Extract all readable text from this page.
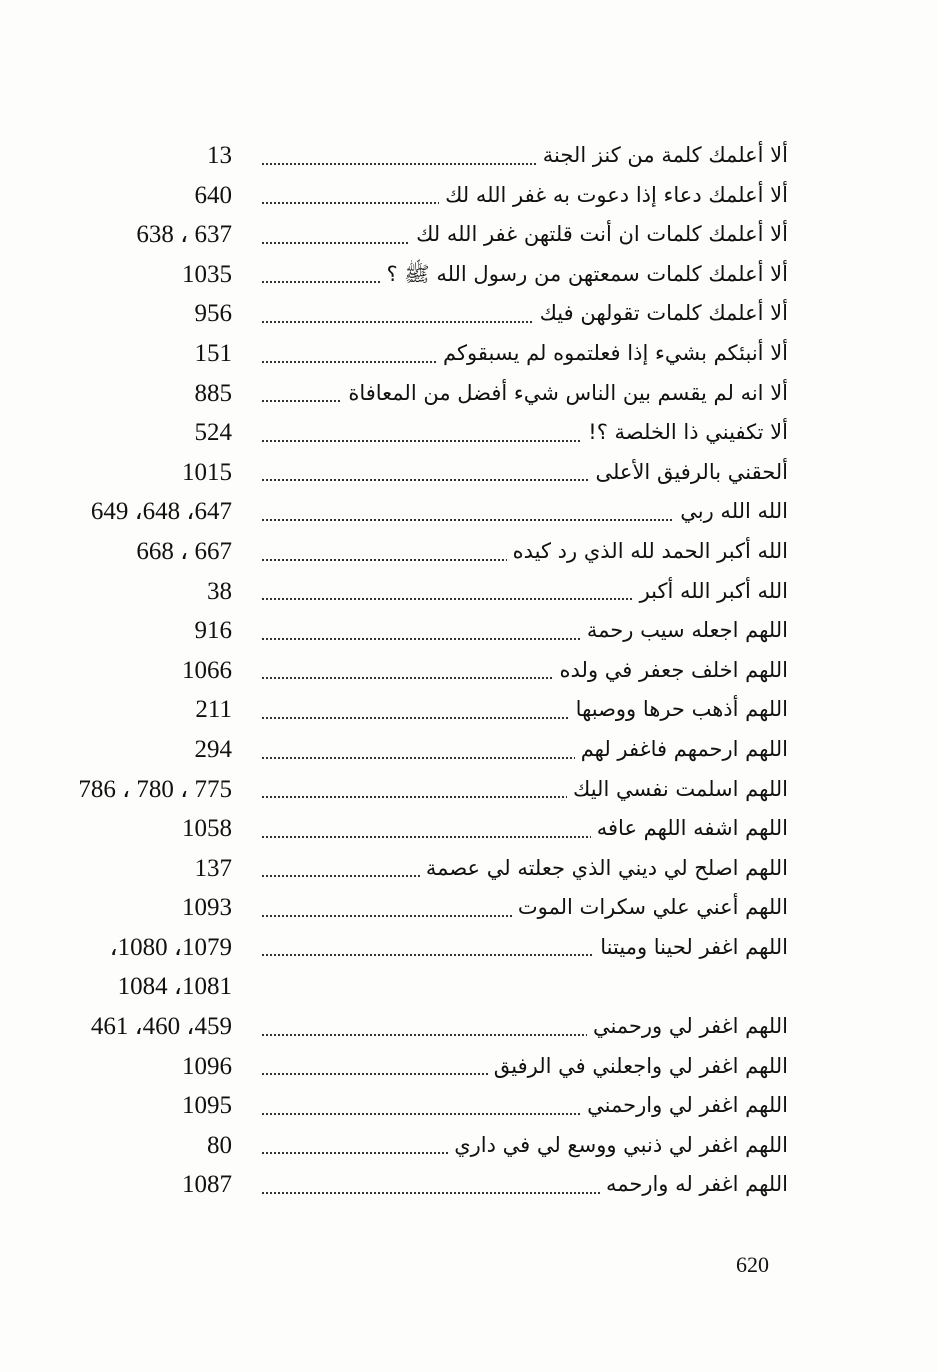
13	ألا أعلمك كلمة من كنز الجنة
640	ألا أعلمك دعاء إذا دعوت به غفر الله لك
638 ، 637	ألا أعلمك كلمات ان أنت قلتهن غفر الله لك
1035	ألا أعلمك كلمات سمعتهن من رسول الله ﷺ ؟
956	ألا أعلمك كلمات تقولهن فيك
151	ألا أنبئكم بشيء إذا فعلتموه لم يسبقوكم
885	ألا انه لم يقسم بين الناس شيء أفضل من المعافاة
524	ألا تكفيني ذا الخلصة ؟!
1015	ألحقني بالرفيق الأعلى
649 ،648 ،647	الله الله ربي
668 ، 667	الله أكبر الحمد لله الذي رد كيده
38	الله أكبر الله أكبر
916	اللهم اجعله سيب رحمة
1066	اللهم اخلف جعفر في ولده
211	اللهم أذهب حرها ووصبها
294	اللهم ارحمهم فاغفر لهم
786 ، 780 ، 775	اللهم اسلمت نفسي اليك
1058	اللهم اشفه اللهم عافه
137	اللهم اصلح لي ديني الذي جعلته لي عصمة
1093	اللهم أعني علي سكرات الموت
،1080 ،1079	اللهم اغفر لحينا وميتنا
1084 ،1081
461 ،460 ،459	اللهم اغفر لي ورحمني
1096	اللهم اغفر لي واجعلني في الرفيق
1095	اللهم اغفر لي وارحمني
80	اللهم اغفر لي ذنبي ووسع لي في داري
1087	اللهم اغفر له وارحمه
620
